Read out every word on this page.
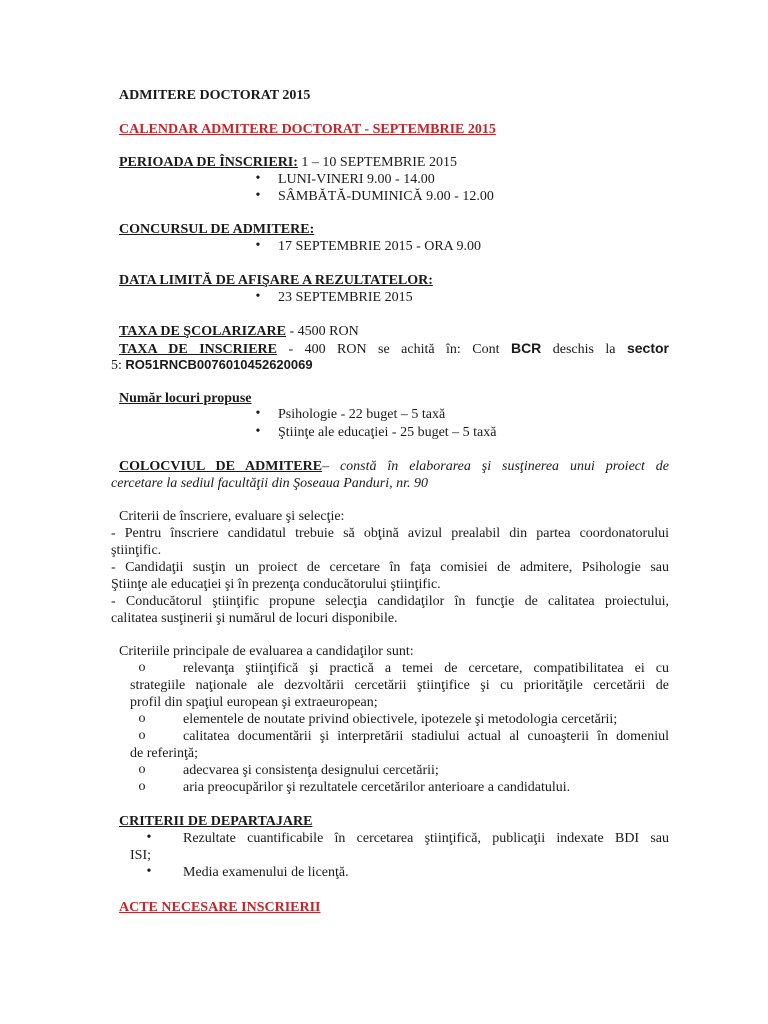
ADMITERE DOCTORAT 2015
CALENDAR ADMITERE DOCTORAT - SEPTEMBRIE 2015
PERIOADA DE ÎNSCRIERI: 1 – 10 SEPTEMBRIE 2015
• LUNI-VINERI 9.00 - 14.00
• SÂMBĂTĂ-DUMINICĂ 9.00 - 12.00
CONCURSUL DE ADMITERE:
• 17 SEPTEMBRIE 2015 - ORA 9.00
DATA LIMITĂ DE AFIŞARE A REZULTATELOR:
• 23 SEPTEMBRIE 2015
TAXA DE ŞCOLARIZARE - 4500 RON
TAXA DE INSCRIERE - 400 RON se achită în: Cont BCR deschis la sector
5: RO51RNCB0076010452620069
Număr locuri propuse
• Psihologie - 22 buget – 5 taxă
• Ştiinţe ale educaţiei - 25 buget – 5 taxă
COLOCVIUL DE ADMITERE– constă în elaborarea şi susţinerea unui proiect de
cercetare la sediul facultăţii din Şoseaua Panduri, nr. 90
Criterii de înscriere, evaluare şi selecţie:
- Pentru înscriere candidatul trebuie să obţină avizul prealabil din partea coordonatorului
ştiinţific.
- Candidaţii susţin un proiect de cercetare în faţa comisiei de admitere, Psihologie sau
Ştiinţe ale educaţiei şi în prezenţa conducătorului ştiinţific.
- Conducătorul ştiinţific propune selecţia candidaţilor în funcţie de calitatea proiectului,
calitatea susţinerii şi numărul de locuri disponibile.
Criteriile principale de evaluarea a candidaţilor sunt:
o	relevanţa ştiinţifică şi practică a temei de cercetare, compatibilitatea ei cu
strategiile naţionale ale dezvoltării cercetării ştiinţifice şi cu priorităţile cercetării de
profil din spaţiul european şi extraeuropean;
o	elementele de noutate privind obiectivele, ipotezele şi metodologia cercetării;
o	calitatea documentării şi interpretării stadiului actual al cunoaşterii în domeniul
de referinţă;
o	adecvarea şi consistenţa designului cercetării;
o	aria preocupărilor şi rezultatele cercetărilor anterioare a candidatului.
CRITERII DE DEPARTAJARE
• Rezultate cuantificabile în cercetarea ştiinţifică, publicaţii indexate BDI sau
ISI;
• Media examenului de licenţă.
ACTE NECESARE INSCRIERII
